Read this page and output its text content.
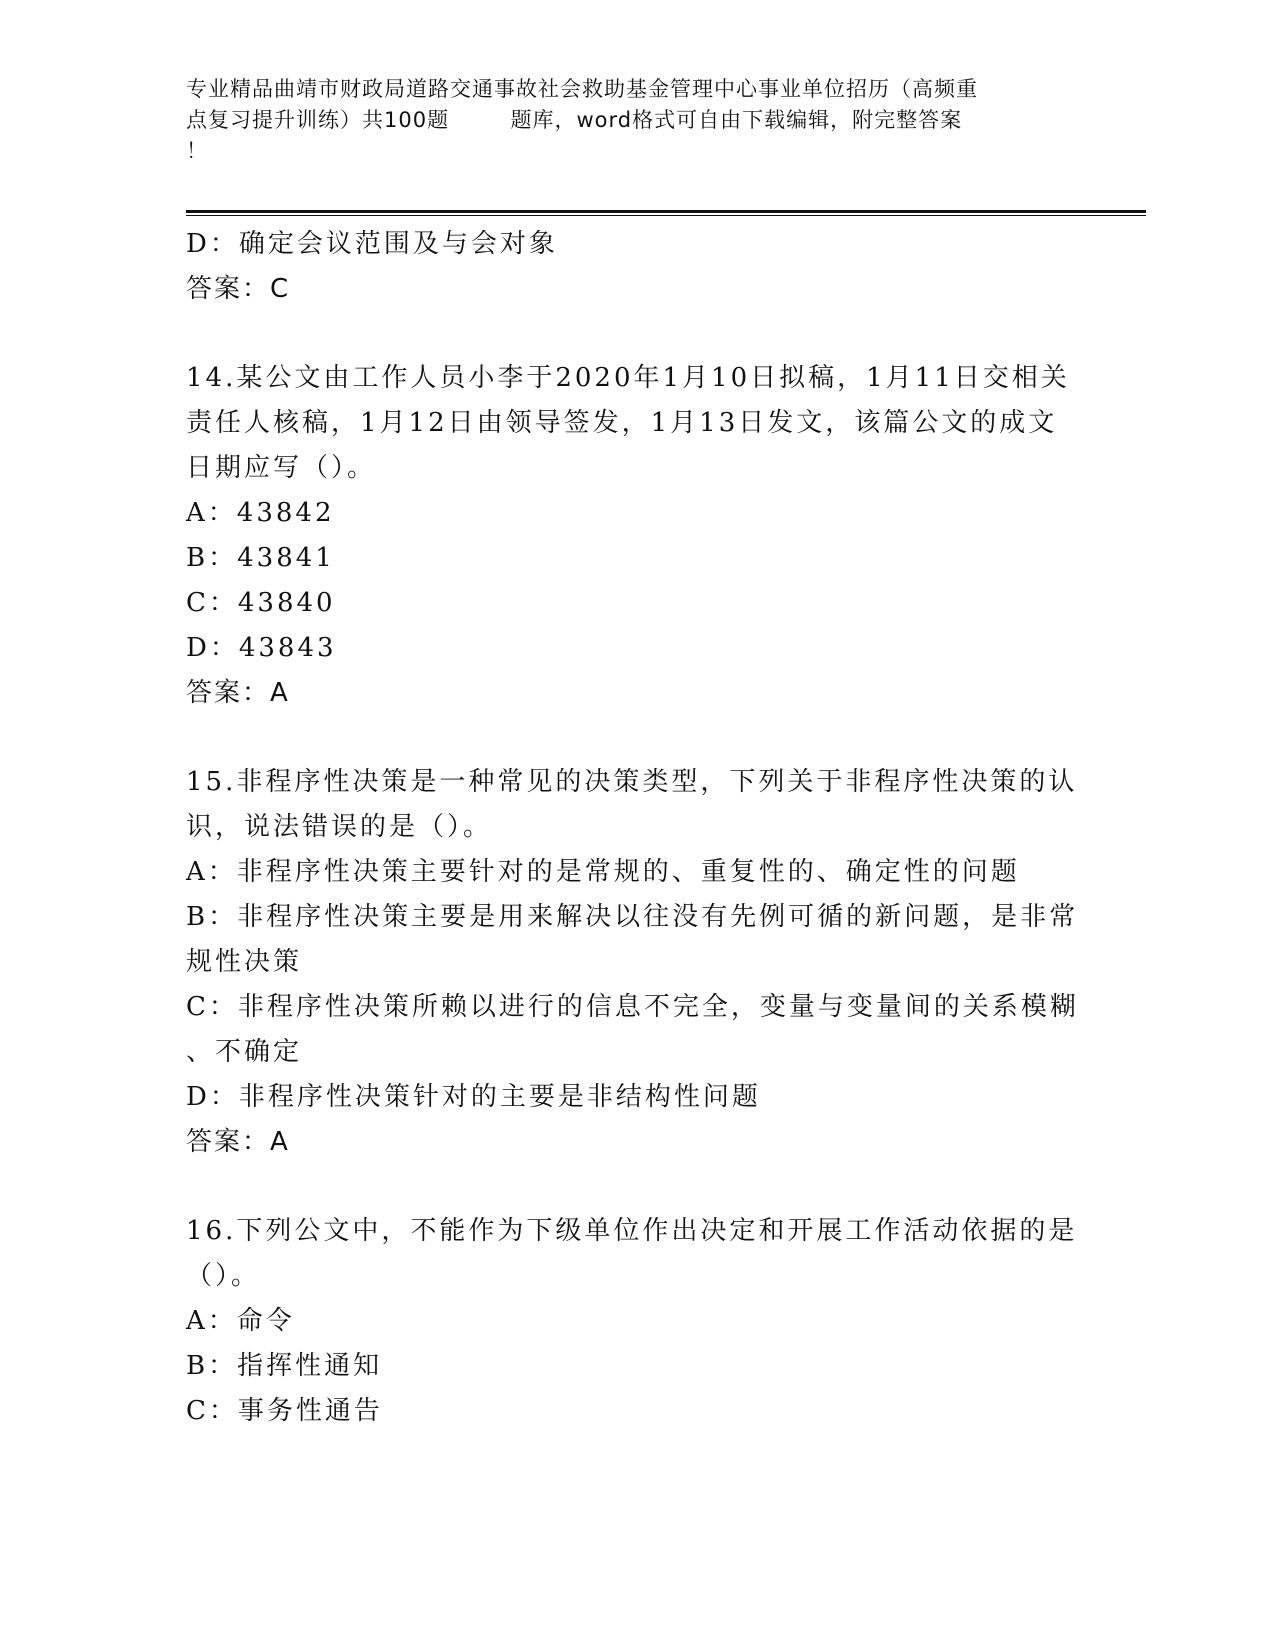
专业精品曲靖市财政局道路交通事故社会救助基金管理中心事业单位招历（高频重
点复习提升训练）共100题        题库，word格式可自由下载编辑，附完整答案
！
D：确定会议范围及与会对象
答案：C
14.某公文由工作人员小李于2020年1月10日拟稿，1月11日交相关
责任人核稿，1月12日由领导签发，1月13日发文，该篇公文的成文
日期应写（）。
A：43842
B：43841
C：43840
D：43843
答案：A
15.非程序性决策是一种常见的决策类型，下列关于非程序性决策的认
识，说法错误的是（）。
A：非程序性决策主要针对的是常规的、重复性的、确定性的问题
B：非程序性决策主要是用来解决以往没有先例可循的新问题，是非常
规性决策
C：非程序性决策所赖以进行的信息不完全，变量与变量间的关系模糊
、不确定
D：非程序性决策针对的主要是非结构性问题
答案：A
16.下列公文中，不能作为下级单位作出决定和开展工作活动依据的是
（）。
A：命令
B：指挥性通知
C：事务性通告
